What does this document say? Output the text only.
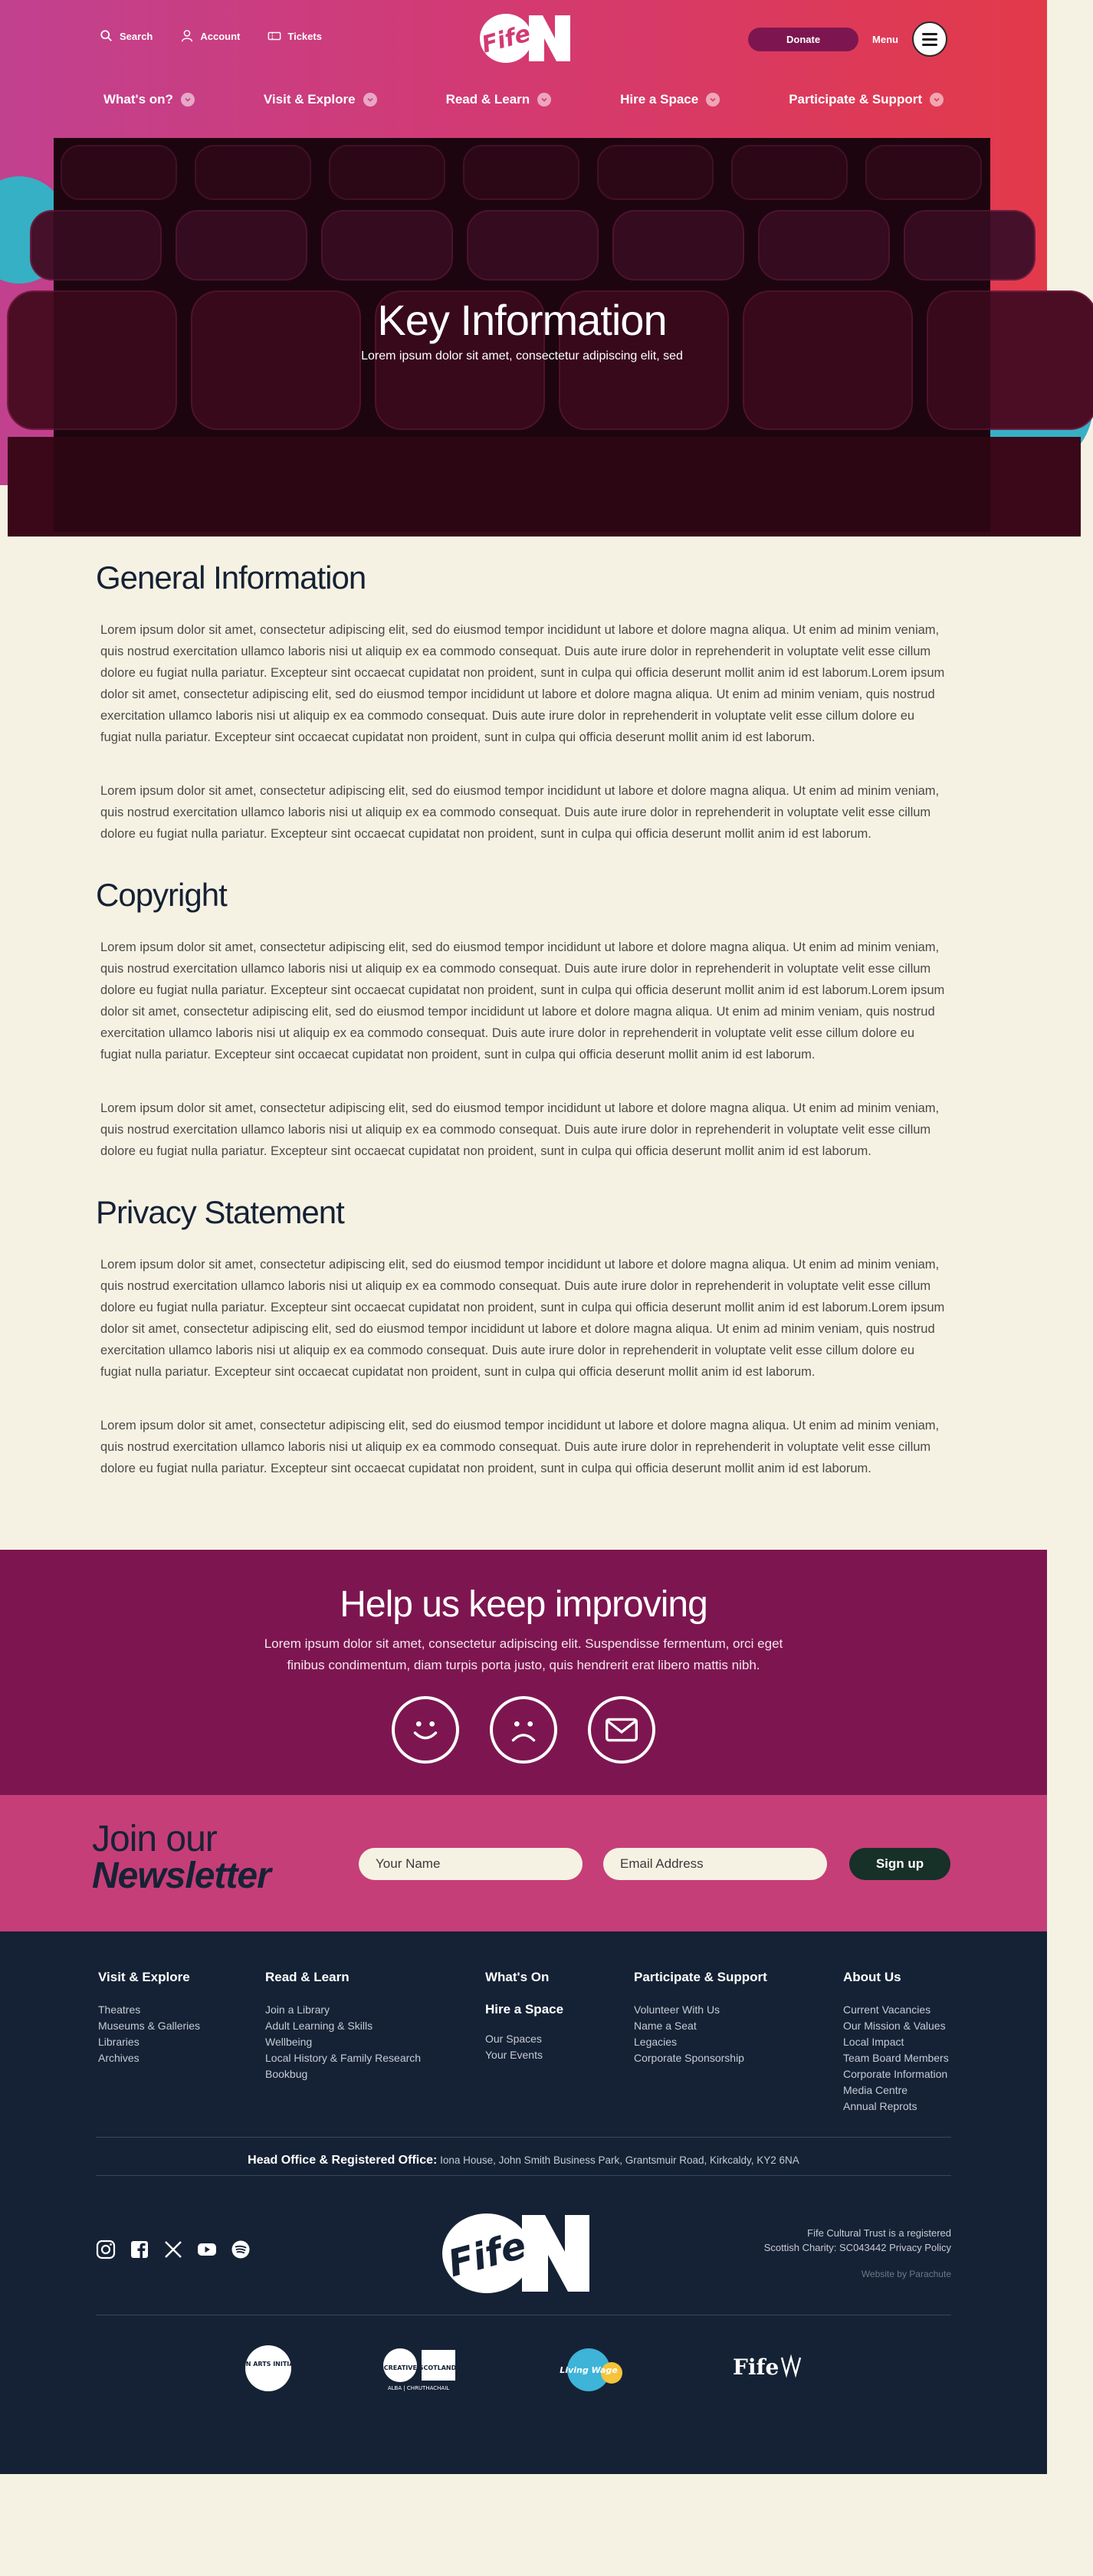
Search	Account	Tickets	Fife	Donate	Menu
What's on?	Visit & Explore	Read & Learn	Hire a Space	Participate & Support
Key Information

Lorem ipsum dolor sit amet, consectetur adipiscing elit, sed

General Information

Lorem ipsum dolor sit amet, consectetur adipiscing elit, sed do eiusmod tempor incididunt ut labore et dolore magna aliqua. Ut enim ad minim veniam, quis nostrud exercitation ullamco laboris nisi ut aliquip ex ea commodo consequat. Duis aute irure dolor in reprehenderit in voluptate velit esse cillum dolore eu fugiat nulla pariatur. Excepteur sint occaecat cupidatat non proident, sunt in culpa qui officia deserunt mollit anim id est laborum.Lorem ipsum dolor sit amet, consectetur adipiscing elit, sed do eiusmod tempor incididunt ut labore et dolore magna aliqua. Ut enim ad minim veniam, quis nostrud exercitation ullamco laboris nisi ut aliquip ex ea commodo consequat. Duis aute irure dolor in reprehenderit in voluptate velit esse cillum dolore eu fugiat nulla pariatur. Excepteur sint occaecat cupidatat non proident, sunt in culpa qui officia deserunt mollit anim id est laborum.

Lorem ipsum dolor sit amet, consectetur adipiscing elit, sed do eiusmod tempor incididunt ut labore et dolore magna aliqua. Ut enim ad minim veniam, quis nostrud exercitation ullamco laboris nisi ut aliquip ex ea commodo consequat. Duis aute irure dolor in reprehenderit in voluptate velit esse cillum dolore eu fugiat nulla pariatur. Excepteur sint occaecat cupidatat non proident, sunt in culpa qui officia deserunt mollit anim id est laborum.

Copyright

Lorem ipsum dolor sit amet, consectetur adipiscing elit, sed do eiusmod tempor incididunt ut labore et dolore magna aliqua. Ut enim ad minim veniam, quis nostrud exercitation ullamco laboris nisi ut aliquip ex ea commodo consequat. Duis aute irure dolor in reprehenderit in voluptate velit esse cillum dolore eu fugiat nulla pariatur. Excepteur sint occaecat cupidatat non proident, sunt in culpa qui officia deserunt mollit anim id est laborum.Lorem ipsum dolor sit amet, consectetur adipiscing elit, sed do eiusmod tempor incididunt ut labore et dolore magna aliqua. Ut enim ad minim veniam, quis nostrud exercitation ullamco laboris nisi ut aliquip ex ea commodo consequat. Duis aute irure dolor in reprehenderit in voluptate velit esse cillum dolore eu fugiat nulla pariatur. Excepteur sint occaecat cupidatat non proident, sunt in culpa qui officia deserunt mollit anim id est laborum.

Lorem ipsum dolor sit amet, consectetur adipiscing elit, sed do eiusmod tempor incididunt ut labore et dolore magna aliqua. Ut enim ad minim veniam, quis nostrud exercitation ullamco laboris nisi ut aliquip ex ea commodo consequat. Duis aute irure dolor in reprehenderit in voluptate velit esse cillum dolore eu fugiat nulla pariatur. Excepteur sint occaecat cupidatat non proident, sunt in culpa qui officia deserunt mollit anim id est laborum.

Privacy Statement

Lorem ipsum dolor sit amet, consectetur adipiscing elit, sed do eiusmod tempor incididunt ut labore et dolore magna aliqua. Ut enim ad minim veniam, quis nostrud exercitation ullamco laboris nisi ut aliquip ex ea commodo consequat. Duis aute irure dolor in reprehenderit in voluptate velit esse cillum dolore eu fugiat nulla pariatur. Excepteur sint occaecat cupidatat non proident, sunt in culpa qui officia deserunt mollit anim id est laborum.Lorem ipsum dolor sit amet, consectetur adipiscing elit, sed do eiusmod tempor incididunt ut labore et dolore magna aliqua. Ut enim ad minim veniam, quis nostrud exercitation ullamco laboris nisi ut aliquip ex ea commodo consequat. Duis aute irure dolor in reprehenderit in voluptate velit esse cillum dolore eu fugiat nulla pariatur. Excepteur sint occaecat cupidatat non proident, sunt in culpa qui officia deserunt mollit anim id est laborum.

Lorem ipsum dolor sit amet, consectetur adipiscing elit, sed do eiusmod tempor incididunt ut labore et dolore magna aliqua. Ut enim ad minim veniam, quis nostrud exercitation ullamco laboris nisi ut aliquip ex ea commodo consequat. Duis aute irure dolor in reprehenderit in voluptate velit esse cillum dolore eu fugiat nulla pariatur. Excepteur sint occaecat cupidatat non proident, sunt in culpa qui officia deserunt mollit anim id est laborum.

Help us keep improving

Lorem ipsum dolor sit amet, consectetur adipiscing elit. Suspendisse fermentum, orci eget finibus condimentum, diam turpis porta justo, quis hendrerit erat libero mattis nibh.

Join our
Newsletter
Your Name
Email Address	Sign up
Visit & Explore
Theatres
Museums & Galleries
Libraries
Archives
Read & Learn
Join a Library
Adult Learning & Skills
Wellbeing
Local History & Family Research
Bookbug
What's On
Hire a Space
Our Spaces
Your Events
Participate & Support
Volunteer With Us
Name a Seat
Legacies
Corporate Sponsorship
About Us
Current Vacancies
Our Mission & Values
Local Impact
Team Board Members
Corporate Information
Media Centre
Annual Reprots
Head Office & Registered Office: Iona House, John Smith Business Park, Grantsmuir Road, Kirkcaldy, KY2 6NA
Fife	Fife Cultural Trust is a registered
Scottish Charity: SC043442 Privacy Policy
Website by Parachute
GREEN ARTS INITIATIVE
CREATIVE SCOTLAND
ALBA | CHRUTHACHAIL
Living Wage	Fife
